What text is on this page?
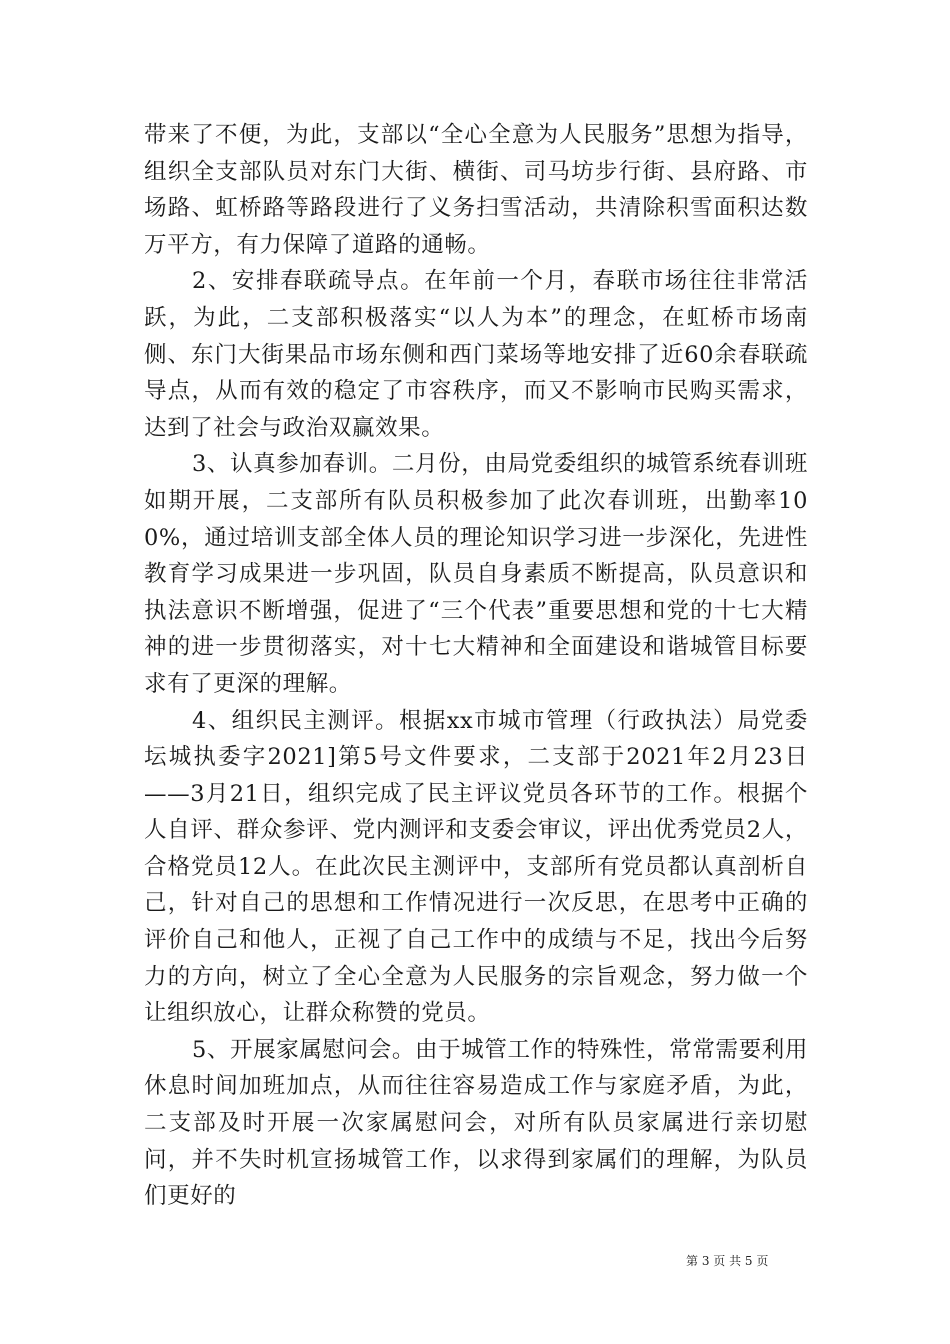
带来了不便，为此，支部以“全心全意为人民服务”思想为指导，组织全支部队员对东门大街、横街、司马坊步行街、县府路、市场路、虹桥路等路段进行了义务扫雪活动，共清除积雪面积达数万平方，有力保障了道路的通畅。

2、安排春联疏导点。在年前一个月，春联市场往往非常活跃，为此，二支部积极落实“以人为本”的理念，在虹桥市场南侧、东门大街果品市场东侧和西门菜场等地安排了近60余春联疏导点，从而有效的稳定了市容秩序，而又不影响市民购买需求，达到了社会与政治双赢效果。

3、认真参加春训。二月份，由局党委组织的城管系统春训班如期开展，二支部所有队员积极参加了此次春训班，出勤率100%，通过培训支部全体人员的理论知识学习进一步深化，先进性教育学习成果进一步巩固，队员自身素质不断提高，队员意识和执法意识不断增强，促进了“三个代表”重要思想和党的十七大精神的进一步贯彻落实，对十七大精神和全面建设和谐城管目标要求有了更深的理解。

4、组织民主测评。根据xx市城市管理（行政执法）局党委坛城执委字2021]第5号文件要求，二支部于2021年2月23日——3月21日，组织完成了民主评议党员各环节的工作。根据个人自评、群众参评、党内测评和支委会审议，评出优秀党员2人，合格党员12人。在此次民主测评中，支部所有党员都认真剖析自己，针对自己的思想和工作情况进行一次反思，在思考中正确的评价自己和他人，正视了自己工作中的成绩与不足，找出今后努力的方向，树立了全心全意为人民服务的宗旨观念，努力做一个让组织放心，让群众称赞的党员。

5、开展家属慰问会。由于城管工作的特殊性，常常需要利用休息时间加班加点，从而往往容易造成工作与家庭矛盾，为此，二支部及时开展一次家属慰问会，对所有队员家属进行亲切慰问，并不失时机宣扬城管工作，以求得到家属们的理解，为队员们更好的

第 3 页 共 5 页
